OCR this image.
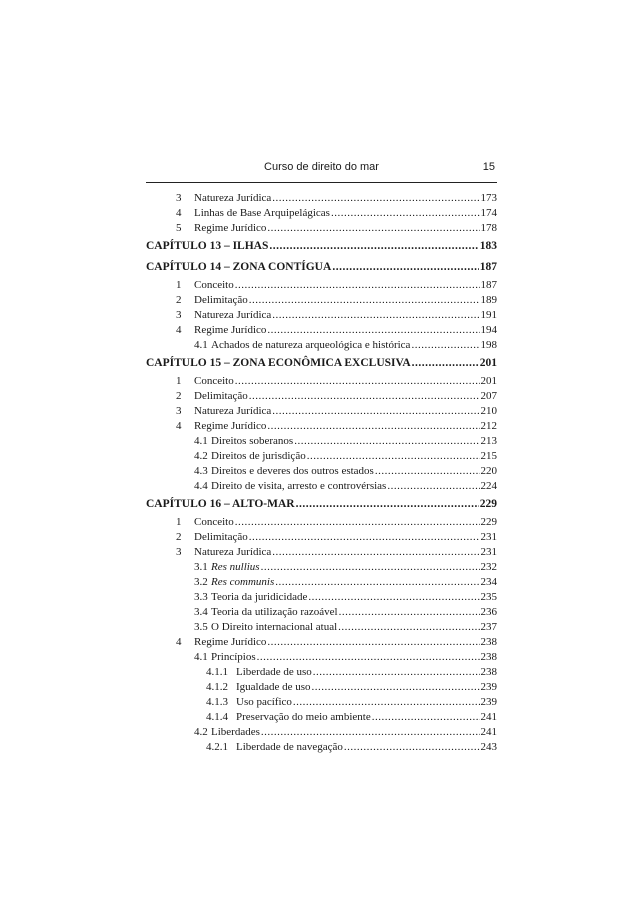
Curso de direito do mar	15
3	Natureza Jurídica .....	173
4	Linhas de Base Arquipelágicas .....	174
5	Regime Jurídico .....	178
CAPÍTULO 13 – ILHAS .....	183
CAPÍTULO 14 – ZONA CONTÍGUA .....	187
1	Conceito .....	187
2	Delimitação .....	189
3	Natureza Jurídica .....	191
4	Regime Jurídico .....	194
4.1 Achados de natureza arqueológica e histórica .....	198
CAPÍTULO 15 – ZONA ECONÔMICA EXCLUSIVA .....	201
1	Conceito .....	201
2	Delimitação .....	207
3	Natureza Jurídica .....	210
4	Regime Jurídico .....	212
4.1 Direitos soberanos .....	213
4.2 Direitos de jurisdição .....	215
4.3 Direitos e deveres dos outros estados .....	220
4.4 Direito de visita, arresto e controvérsias .....	224
CAPÍTULO 16 – ALTO-MAR .....	229
1	Conceito .....	229
2	Delimitação .....	231
3	Natureza Jurídica .....	231
3.1 Res nullius .....	232
3.2 Res communis .....	234
3.3 Teoria da juridicidade .....	235
3.4 Teoria da utilização razoável .....	236
3.5 O Direito internacional atual .....	237
4	Regime Jurídico .....	238
4.1 Princípios .....	238
4.1.1 Liberdade de uso .....	238
4.1.2 Igualdade de uso .....	239
4.1.3 Uso pacífico .....	239
4.1.4 Preservação do meio ambiente .....	241
4.2 Liberdades .....	241
4.2.1 Liberdade de navegação .....	243
